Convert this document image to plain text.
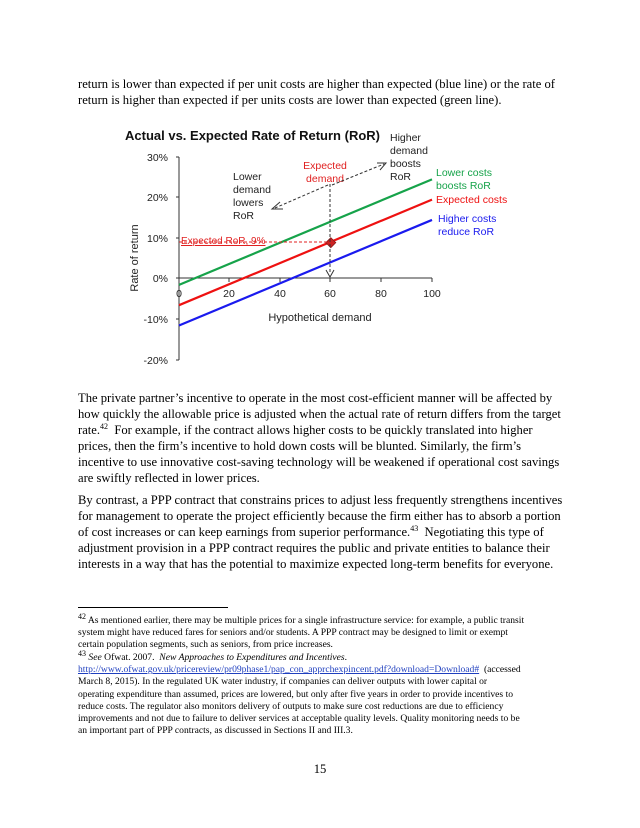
return is lower than expected if per unit costs are higher than expected (blue line) or the rate of
return is higher than expected if per units costs are lower than expected (green line).
Actual vs. Expected Rate of Return (RoR)
30%
20%
10%
0%
-10%
-20%
0	20	40	60	80	100
Hypothetical demand
Rate of return	Expected RoR, 9%
Expected
demand
Lower
demand
lowers
RoR
Higher
demand
boosts
RoR Lower costs
boosts RoR
Expected costs
Higher costs
reduce RoR
The private partner’s incentive to operate in the most cost-efficient manner will be affected by
how quickly the allowable price is adjusted when the actual rate of return differs from the target
rate.$^{42}$ For example, if the contract allows higher costs to be quickly translated into higher
prices, then the firm’s incentive to hold down costs will be blunted. Similarly, the firm’s
incentive to use innovative cost-saving technology will be weakened if operational cost savings
are swiftly reflected in lower prices.
By contrast, a PPP contract that constrains prices to adjust less frequently strengthens incentives
for management to operate the project efficiently because the firm either has to absorb a portion
of cost increases or can keep earnings from superior performance.$^{43}$ Negotiating this type of
adjustment provision in a PPP contract requires the public and private entities to balance their
interests in a way that has the potential to maximize expected long-term benefits for everyone.
$^{42}$ As mentioned earlier, there may be multiple prices for a single infrastructure service: for example, a public transit
system might have reduced fares for seniors and/or students. A PPP contract may be designed to limit or exempt
certain population segments, such as seniors, from price increases.
$^{43}$ See Ofwat. 2007. New Approaches to Expenditures and Incentives.
http://www.ofwat.gov.uk/pricereview/pr09phase1/pap_con_apprchexpincent.pdf?download=Download# (accessed
March 8, 2015). In the regulated UK water industry, if companies can deliver outputs with lower capital or
operating expenditure than assumed, prices are lowered, but only after five years in order to provide incentives to
reduce costs. The regulator also monitors delivery of outputs to make sure cost reductions are due to efficiency
improvements and not due to failure to deliver services at acceptable quality levels. Quality monitoring needs to be
an important part of PPP contracts, as discussed in Sections II and III.3.
15
